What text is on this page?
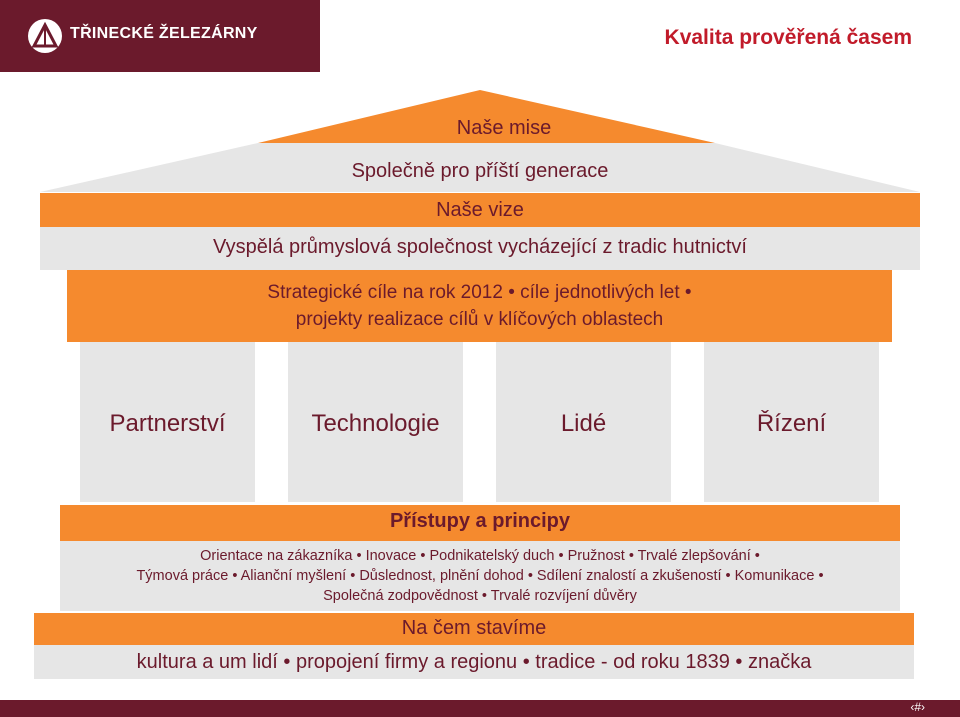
TŘINECKÉ ŽELEZÁRNY	Kvalita prověřená časem
Naše mise
Společně pro příští generace
Naše vize
Vyspělá průmyslová společnost vycházející z tradic hutnictví
Strategické cíle na rok 2012 • cíle jednotlivých let •
projekty realizace cílů v klíčových oblastech
Partnerství	Technologie	Lidé	Řízení
Přístupy a principy
Orientace na zákazníka • Inovace • Podnikatelský duch • Pružnost • Trvalé zlepšování •
Týmová práce • Alianční myšlení • Důslednost, plnění dohod • Sdílení znalostí a zkušeností • Komunikace •
Společná zodpovědnost • Trvalé rozvíjení důvěry
Na čem stavíme
kultura a um lidí • propojení firmy a regionu • tradice - od roku 1839 • značka
‹#›
